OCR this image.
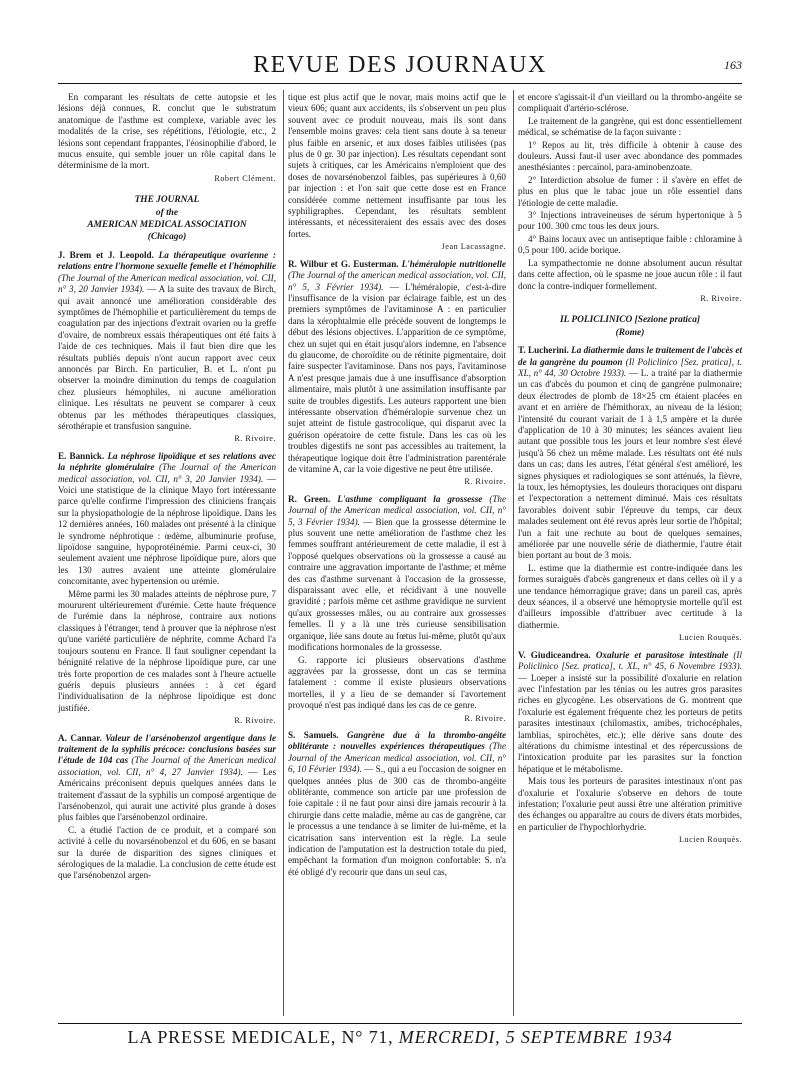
REVUE DES JOURNAUX	163

En comparant les résultats de cette autopsie et les lésions déjà connues, R. conclut que le substratum anatomique de l'asthme est complexe, variable avec les modalités de la crise, ses répétitions, l'étiologie, etc., 2 lésions sont cependant frappantes, l'éosinophilie d'abord, le mucus ensuite, qui semble jouer un rôle capital dans le déterminisme de la mort.

Robert Clément.

THE JOURNAL

of the

AMERICAN MEDICAL ASSOCIATION

(Chicago)

J. Brem et J. Leopold. La thérapeutique ovarienne : relations entre l'hormone sexuelle femelle et l'hémophilie (The Journal of the American medical association, vol. CII, n° 3, 20 Janvier 1934). — A la suite des travaux de Birch, qui avait annoncé une amélioration considérable des symptômes de l'hémophilie et particulièrement du temps de coagulation par des injections d'extrait ovarien ou la greffe d'ovaire, de nombreux essais thérapeutiques ont été faits à l'aide de ces techniques. Mais il faut bien dire que les résultats publiés depuis n'ont aucun rapport avec ceux annoncés par Birch. En particulier, B. et L. n'ont pu observer la moindre diminution du temps de coagulation chez plusieurs hémophiles, ni aucune amélioration clinique. Les résultats ne peuvent se comparer à ceux obtenus par les méthodes thérapeutiques classiques, sérothérapie et transfusion sanguine.

R. Rivoire.

E. Bannick. La néphrose lipoïdique et ses relations avec la néphrite glomérulaire (The Journal of the American medical association, vol. CII, n° 3, 20 Janvier 1934). — Voici une statistique de la clinique Mayo fort intéressante parce qu'elle confirme l'impression des cliniciens français sur la physiopathologie de la néphrose lipoïdique. Dans les 12 dernières années, 160 malades ont présenté à la clinique le syndrome néphrotique : œdème, albuminurie profuse, lipoïdose sanguine, hypoprotéinémie. Parmi ceux-ci, 30 seulement avaient une néphrose lipoïdique pure, alors que les 130 autres avaient une atteinte glomérulaire concomitante, avec hypertension ou urémie.

Même parmi les 30 malades atteints de néphrose pure, 7 moururent ultérieurement d'urémie. Cette haute fréquence de l'urémie dans la néphrose, contraire aux notions classiques à l'étranger, tend à prouver que la néphrose n'est qu'une variété particulière de néphrite, comme Achard l'a toujours soutenu en France. Il faut souligner cependant la bénignité relative de la néphrose lipoïdique pure, car une très forte proportion de ces malades sont à l'heure actuelle guéris depuis plusieurs années : à cet égard l'individualisation de la néphrose lipoïdique est donc justifiée.

R. Rivoire.

A. Cannar. Valeur de l'arsénobenzol argentique dans le traitement de la syphilis précoce: conclusions basées sur l'étude de 104 cas (The Journal of the American medical association, vol. CII, n° 4, 27 Janvier 1934). — Les Américains préconisent depuis quelques années dans le traitement d'assaut de la syphilis un composé argentique de l'arsénobenzol, qui aurait une activité plus grande à doses plus faibles que l'arsénobenzol ordinaire.

C. a étudié l'action de ce produit, et a comparé son activité à celle du novarsénobenzol et du 606, en se basant sur la durée de disparition des signes cliniques et sérologiques de la maladie. La conclusion de cette étude est que l'arsénobenzol argen-

tique est plus actif que le novar, mais moins actif que le vieux 606; quant aux accidents, ils s'observent un peu plus souvent avec ce produit nouveau, mais ils sont dans l'ensemble moins graves: cela tient sans doute à sa teneur plus faible en arsenic, et aux doses faibles utilisées (pas plus de 0 gr. 30 par injection). Les résultats cependant sont sujets à critiques, car les Américains n'emploient que des doses de novarsénobenzol faibles, pas supérieures à 0,60 par injection : et l'on sait que cette dose est en France considérée comme nettement insuffisante par tous les syphiligraphes. Cependant, les résultats semblent intéressants, et nécessiteraient des essais avec des doses fortes.

Jean Lacassagne.

R. Wilbur et G. Eusterman. L'héméralopie nutritionelle (The Journal of the american medical association, vol. CII, n° 5, 3 Février 1934). — L'héméralopie, c'est-à-dire l'insuffisance de la vision par éclairage faible, est un des premiers symptômes de l'avitaminose A : en particulier dans la xérophtalmie elle précède souvent de longtemps le début des lésions objectives. L'apparition de ce symptôme, chez un sujet qui en était jusqu'alors indemne, en l'absence du glaucome, de choroïdite ou de rétinite pigmentaire, doit faire suspecter l'avitaminose. Dans nos pays, l'avitaminose A n'est presque jamais due à une insuffisance d'absorption alimentaire, mais plutôt à une assimilation insuffisante par suite de troubles digestifs. Les auteurs rapportent une bien intéressante observation d'héméralopie survenue chez un sujet atteint de fistule gastrocolique, qui disparut avec la guérison opératoire de cette fistule. Dans les cas où les troubles digestifs ne sont pas accessibles au traitement, la thérapeutique logique doit être l'administration parentérale de vitamine A, car la voie digestive ne peut être utilisée.

R. Rivoire.

R. Green. L'asthme compliquant la grossesse (The Journal of the American medical association, vol. CII, n° 5, 3 Février 1934). — Bien que la grossesse détermine le plus souvent une nette amélioration de l'asthme chez les femmes souffrant antérieurement de cette maladie, il est à l'opposé quelques observations où la grossesse a causé au contraire une aggravation importante de l'asthme; et même des cas d'asthme survenant à l'occasion de la grossesse, disparaissant avec elle, et récidivant à une nouvelle gravidité ; parfois même cet asthme gravidique ne survient qu'aux grossesses mâles, ou au contraire aux grossesses femelles. Il y a là une très curieuse sensibilisation organique, liée sans doute au fœtus lui-même, plutôt qu'aux modifications hormonales de la grossesse.

G. rapporte ici plusieurs observations d'asthme aggravées par la grossesse, dont un cas se termina fatalement : comme il existe plusieurs observations mortelles, il y a lieu de se demander si l'avortement provoqué n'est pas indiqué dans les cas de ce genre.

R. Rivoire.

S. Samuels. Gangrène due à la thrombo-angéite oblitérante : nouvelles expériences thérapeutiques (The Journal of the American medical association, vol. CII, n° 6, 10 Février 1934). — S., qui a eu l'occasion de soigner en quelques années plus de 300 cas de thrombo-angéite oblitérante, commence son article par une profession de foie capitale : il ne faut pour ainsi dire jamais recourir à la chirurgie dans cette maladie, même au cas de gangrène, car le processus a une tendance à se limiter de lui-même, et la cicatrisation sans intervention est la règle. La seule indication de l'amputation est la destruction totale du pied, empêchant la formation d'un moignon confortable: S. n'a été obligé d'y recourir que dans un seul cas,

et encore s'agissait-il d'un vieillard ou la thrombo-angéite se compliquait d'artério-sclérose.

Le traitement de la gangrène, qui est donc essentiellement médical, se schématise de la façon suivante :

1° Repos au lit, très difficile à obtenir à cause des douleurs. Aussi faut-il user avec abondance des pommades anesthésiantes : percaïnol, para-aminobenzoate.

2° Interdiction absolue de fumer : il s'avère en effet de plus en plus que le tabac joue un rôle essentiel dans l'étiologie de cette maladie.

3° Injections intraveineuses de sérum hypertonique à 5 pour 100. 300 cmc tous les deux jours.

4° Bains locaux avec un antiseptique faible : chloramine à 0,5 pour 100. acide borique.

La sympathectomie ne donne absolument aucun résultat dans cette affection, où le spasme ne joue aucun rôle : il faut donc la contre-indiquer formellement.

R. Rivoire.

IL POLICLINICO [Sezione pratica]

(Rome)

T. Lucherini. La diathermie dans le traitement de l'abcès et de la gangrène du poumon (Il Policlinico [Sez. pratica], t. XL, n° 44, 30 Octobre 1933). — L. a traité par la diathermie un cas d'abcès du poumon et cinq de gangrène pulmonaire; deux électrodes de plomb de 18×25 cm étaient placées en avant et en arrière de l'hémithorax, au niveau de la lésion; l'intensité du courant variait de 1 à 1,5 ampère et la durée d'application de 10 à 30 minutes; les séances avaient lieu autant que possible tous les jours et leur nombre s'est élevé jusqu'à 56 chez un même malade. Les résultats ont été nuls dans un cas; dans les autres, l'état général s'est amélioré, les signes physiques et radiologiques se sont atténués, la fièvre, la toux, les hémoptysies, les douleurs thoraciques ont disparu et l'expectoration a nettement diminué. Mais ces résultats favorables doivent subir l'épreuve du temps, car deux malades seulement ont été revus après leur sortie de l'hôpital; l'un a fait une rechute au bout de quelques semaines, améliorée par une nouvelle série de diathermie, l'autre était bien portant au bout de 3 mois.

L. estime que la diathermie est contre-indiquée dans les formes suraiguës d'abcès gangreneux et dans celles où il y a une tendance hémorragique grave; dans un pareil cas, après deux séances, il a observé une hémoptysie mortelle qu'il est d'ailleurs impossible d'attribuer avec certitude à la diathermie.

Lucien Rouquès.

V. Giudiceandrea. Oxalurie et parasitose intestinale (Il Policlinico [Sez. pratica], t. XL, n° 45, 6 Novembre 1933). — Loeper a insisté sur la possibilité d'oxalurie en relation avec l'infestation par les ténias ou les autres gros parasites riches en glycogène. Les observations de G. montrent que l'oxalurie est également fréquente chez les porteurs de petits parasites intestinaux (chilomastix, amibes, trichocéphales, lamblias, spirochètes, etc.); elle dérive sans doute des altérations du chimisme intestinal et des répercussions de l'intoxication produite par les parasites sur la fonction hépatique et le métabolisme.

Mais tous les porteurs de parasites intestinaux n'ont pas d'oxalurie et l'oxalurie s'observe en dehors de toute infestation; l'oxalurie peut aussi être une altération primitive des échanges ou apparaître au cours de divers états morbides, en particulier de l'hypochlorhydrie.

Lucien Rouquès.

LA PRESSE MEDICALE, N° 71, MERCREDI, 5 SEPTEMBRE 1934
